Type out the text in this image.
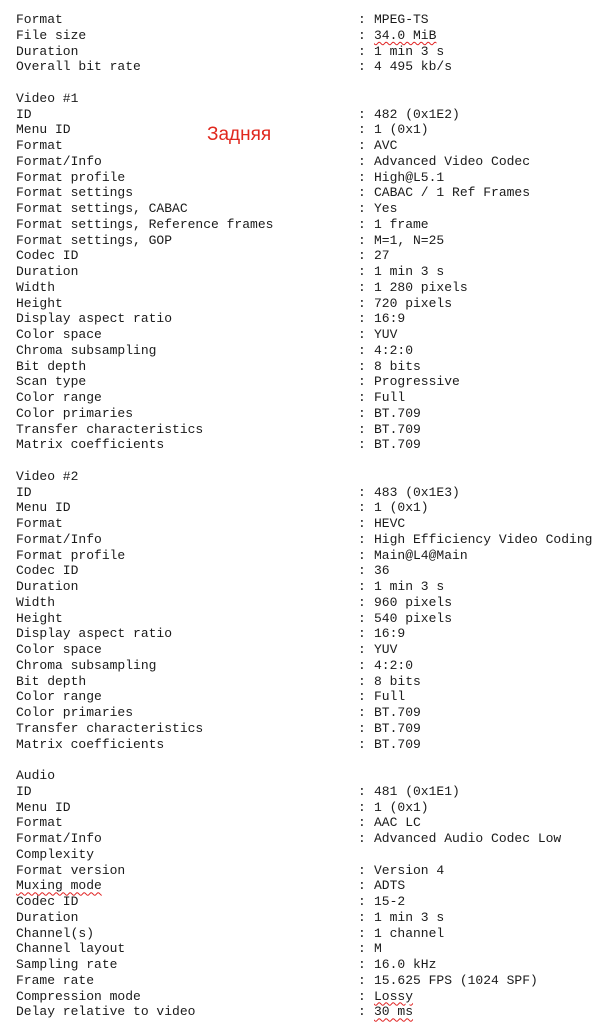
Format	: MPEG-TS
File size	: 34.0 MiB
Duration	: 1 min 3 s
Overall bit rate	: 4 495 kb/s
Video #1
ID	: 482 (0x1E2)
Menu ID	: 1 (0x1)
Format	: AVC
Format/Info	: Advanced Video Codec
Format profile	: High@L5.1
Format settings	: CABAC / 1 Ref Frames
Format settings, CABAC	: Yes
Format settings, Reference frames	: 1 frame
Format settings, GOP	: M=1, N=25
Codec ID	: 27
Duration	: 1 min 3 s
Width	: 1 280 pixels
Height	: 720 pixels
Display aspect ratio	: 16:9
Color space	: YUV
Chroma subsampling	: 4:2:0
Bit depth	: 8 bits
Scan type	: Progressive
Color range	: Full
Color primaries	: BT.709
Transfer characteristics	: BT.709
Matrix coefficients	: BT.709
Video #2
ID	: 483 (0x1E3)
Menu ID	: 1 (0x1)
Format	: HEVC
Format/Info	: High Efficiency Video Coding
Format profile	: Main@L4@Main
Codec ID	: 36
Duration	: 1 min 3 s
Width	: 960 pixels
Height	: 540 pixels
Display aspect ratio	: 16:9
Color space	: YUV
Chroma subsampling	: 4:2:0
Bit depth	: 8 bits
Color range	: Full
Color primaries	: BT.709
Transfer characteristics	: BT.709
Matrix coefficients	: BT.709
Audio
ID	: 481 (0x1E1)
Menu ID	: 1 (0x1)
Format	: AAC LC
Format/Info	: Advanced Audio Codec Low
Complexity
Format version	: Version 4
Muxing mode	: ADTS
Codec ID	: 15-2
Duration	: 1 min 3 s
Channel(s)	: 1 channel
Channel layout	: M
Sampling rate	: 16.0 kHz
Frame rate	: 15.625 FPS (1024 SPF)
Compression mode	: Lossy
Delay relative to video	: 30 ms
Задняя
